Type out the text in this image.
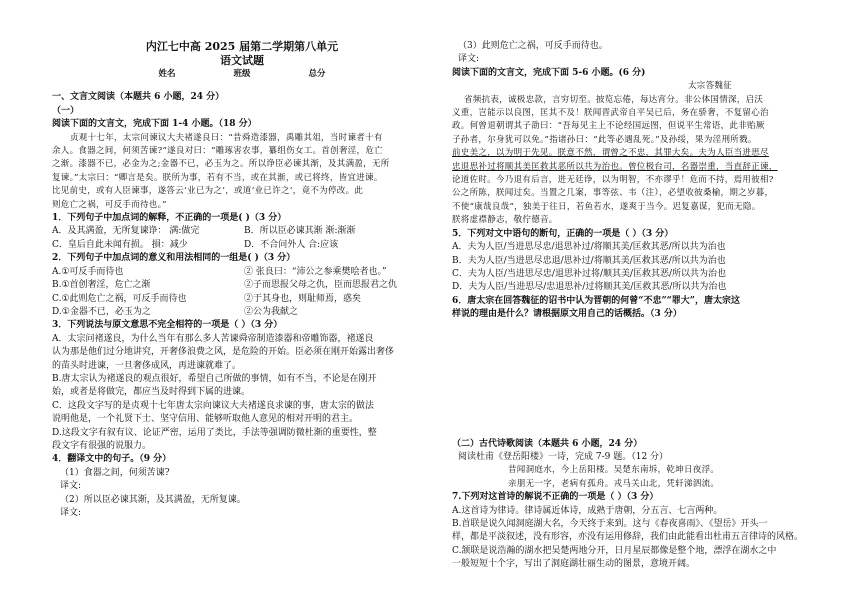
内江七中高 2025 届第二学期第八单元
语文试题
姓名	班级	总分
一、文言文阅读（本题共 6 小题，24 分）
（一）
阅读下面的文言文，完成下面 1-4 小题。（18 分）
贞观十七年，太宗问谏议大夫褚遂良曰：“昔舜造漆器，禹雕其俎，当时谏者十有
余人。食器之间，何须苦谏?”遂良对曰：“雕琢害农事，纂组伤女工。首创奢淫，危亡
之渐。漆器不已，必金为之;金器不已，必玉为之。所以诤臣必谏其渐，及其满盈，无所
复谏。”太宗曰：“卿言是矣。朕所为事，若有不当，或在其渐，或已将终，皆宜进谏。
比见前史，或有人臣谏事，遂答云‘业已为之’，或道‘业已许之’，竟不为停改。此
则危亡之祸，可反手而待也。”
1．下列句子中加点词的解释，不正确的一项是( )（3 分）
A．及其满盈，无所复谏诤： 满:做完	B．所以臣必谏其渐 渐:渐渐
C．皇后自此未闻有损。 損：减少	D．不合问外人 合:应该
2．下列句子中加点词的意义和用法相同的一组是( )（3 分）
A.①可反手而待也	② 张良曰：“沛公之参乘樊哙者也。”
B.①首创奢淫，危亡之渐	②子而思报父母之仇，臣而思报君之仇
C.①此则危亡之祸，可反手而待也	②于其身也，则耻师焉，惑矣
D.①金器不已，必玉为之	②公为我献之
3．下列说法与原文意思不完全相符的一项是（ ）（3 分）
A．太宗问褚遂良，为什么当年有那么多人苦谏舜帝制造漆器和帝雕饰器，褚遂良
认为那是他们过分地讲究，开奢侈浪费之风，是危险的开始。臣必须在刚开始露出奢侈
的苗头时进谏，一旦奢侈成风，再进谏就难了。
B.唐太宗认为褚遂良的观点很好，希望自己所做的事情，如有不当，不论是在刚开
始，或者是将做完，都应当及时得到下属的进谏。
C．这段文字写的是贞观十七年唐太宗向谏议大夫褚遂良求谏的事，唐太宗的做法
说明他是，一个礼贤下士、坚守信用、能够听取他人意见的相对开明的君主。
D.这段文字有叙有议、论证严密，运用了类比，手法等强调防微杜渐的重要性，整
段文字有很强的说服力。
4．翻译文中的句子。（9 分）
（1）食器之间，何须苦谏?
译文:
（2）所以臣必谏其渐，及其满盈，无所复谏。
译文:
（3）此则危亡之祸，可反手而待也。
译文:
阅读下面的文言文，完成下面 5-6 小题。(6 分)
太宗答魏征
省频抗表，诚极忠款，言穷切至。披览忘倦，每达宵分。非公体国情深，启沃
义重，岂能示以良图，匡其不及！朕闻晋武帝自平吴已后，务在骄奢，不复留心治
政。何曾退朝谓其子劭曰：“吾每见主上不论经国远图，但说平生常语，此非贻厥
子孙者，尔身犹可以免。”指诸孙曰：“此等必遇乱死。”及孙绥，果为淫刑所戮。
前史美之，以为明于先见。朕意不然，谓曾之不忠，其罪大矣。夫为人臣当进思尽
忠退思补过将顺其美匡救其恶所以共为治也。曾位极台司，名器崇重，当直辞正谏，
论道佐时。今乃退有后言，进无廷诤，以为明智，不亦谬乎！危而不持，焉用彼相?
公之所陈，朕闻过矣。当置之几案，事等弦、韦（注），必望收彼桑榆，期之岁暮，
不使“康哉良哉”，独美于往日，若鱼若水，遂爽于当今。迟复嘉谋，犯而无隐。
朕将虚襟静志，敬佇德音。
5．下列对文中语句的断句，正确的一项是（ ）（3 分）
A．夫为人臣/当进思尽忠/退思补过/将顺其美/匡救其恶/所以共为治也
B．夫为人臣/当进思尽忠退/思补过/将顺其美/匡救其恶/所以共为治也
C．夫为人臣/当进思尽忠/退思补过将/顺其美/匡救其恶/所以共为治也
D．夫为人臣/当进思尽/忠退思补/过将顺其美/匡救其恶/所以共为治也
6．唐太宗在回答魏征的诏书中认为晋朝的何曾“不忠”“罪大”，唐太宗这
样说的理由是什么？请根据原文用自己的话概括。（3 分）
（二）古代诗歌阅读（本题共 6 小题，24 分）
阅读杜甫《登岳阳楼》一诗，完成 7-9 题。（12 分）
昔闻洞庭水，今上岳阳楼。吴楚东南坼，乾坤日夜浮。
亲朋无一字，老病有孤舟。戎马关山北，凭轩涕泗流。
7.下列对这首诗的解说不正确的一项是（ ）（3 分）
A.这首诗为律诗。律诗属近体诗，成熟于唐朝，分五言、七言两种。
B.首联是说久闻洞庭湖大名，今天终于来到。这与《春夜喜雨》、《望岳》开头一
样，都是平淡叙述，没有形容，亦没有运用修辞，我们由此能看出杜甫五言律诗的风格。
C.颔联是说浩瀚的湖水把吴楚两地分开，日月星辰都像是整个地，漂浮在湖水之中
一般短短十个字，写出了洞庭湖壮丽生动的图景，意境开阔。
